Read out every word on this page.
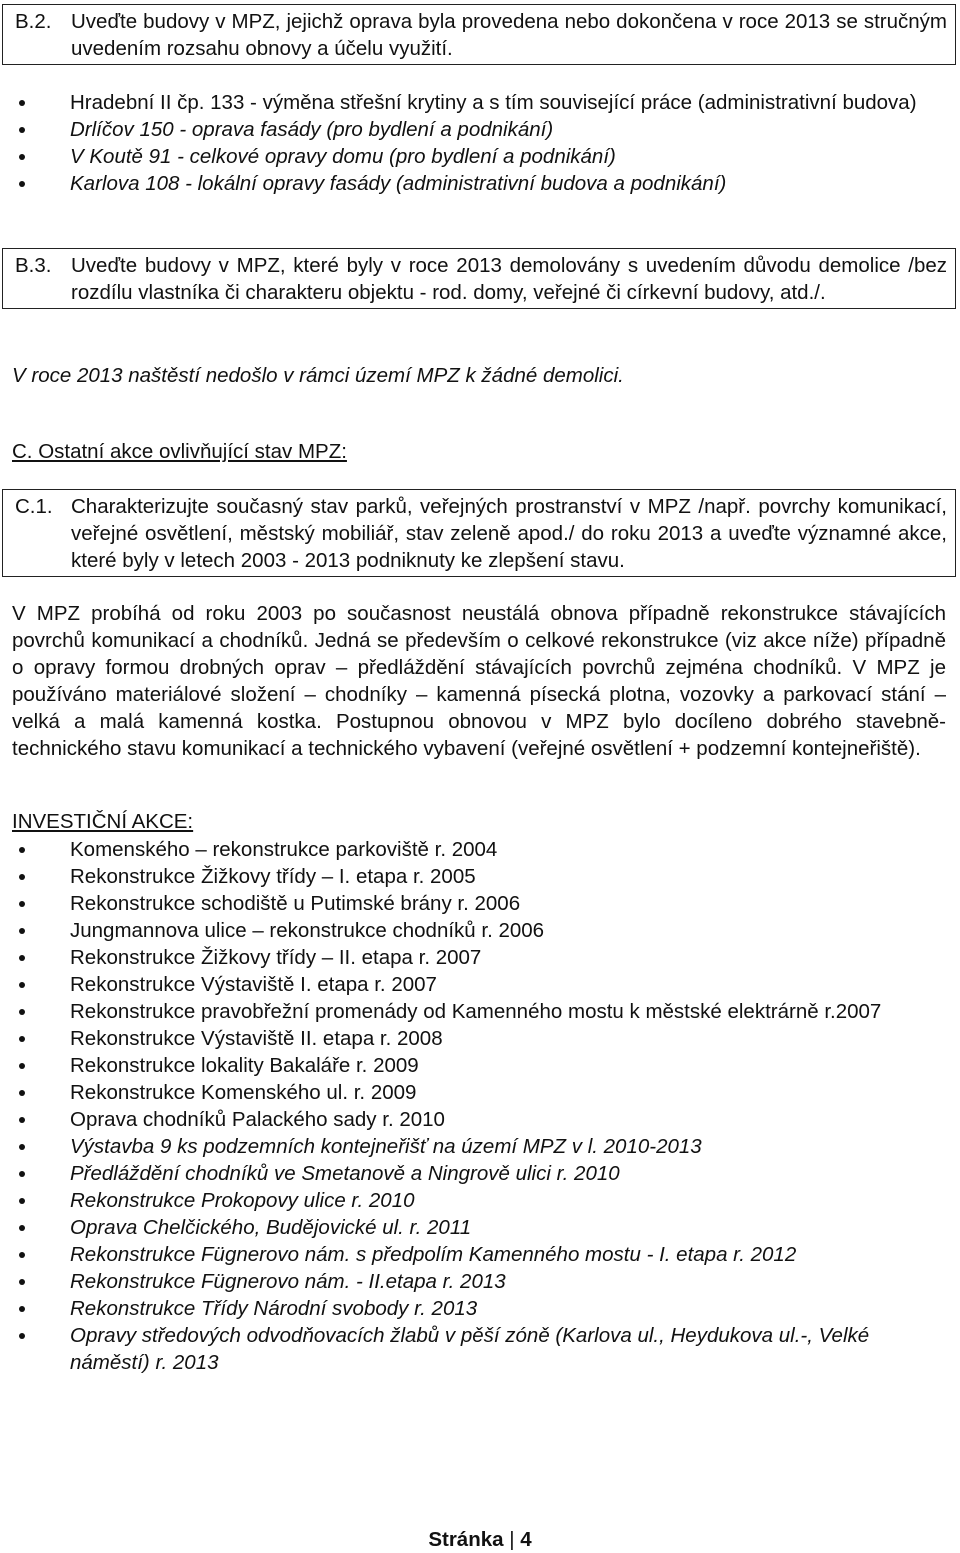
B.2. Uveďte budovy v MPZ, jejichž oprava byla provedena nebo dokončena v roce 2013 se stručným uvedením rozsahu obnovy a účelu využití.
Hradební II čp. 133 - výměna střešní krytiny a s tím související práce (administrativní budova)
Drlíčov 150 - oprava fasády (pro bydlení a podnikání)
V Koutě 91 - celkové opravy domu (pro bydlení a podnikání)
Karlova 108 - lokální opravy fasády (administrativní budova a podnikání)
B.3. Uveďte budovy v MPZ, které byly v roce 2013 demolovány s uvedením důvodu demolice /bez rozdílu vlastníka či charakteru objektu - rod. domy, veřejné či církevní budovy, atd./.
V roce 2013 naštěstí nedošlo v rámci území MPZ k žádné demolici.
C. Ostatní akce ovlivňující stav MPZ:
C.1. Charakterizujte současný stav parků, veřejných prostranství v MPZ /např. povrchy komunikací, veřejné osvětlení, městský mobiliář, stav zeleně apod./ do roku 2013 a uveďte významné akce, které byly v letech 2003 - 2013 podniknuty ke zlepšení stavu.
V MPZ probíhá od roku 2003 po současnost neustálá obnova případně rekonstrukce stávajících povrchů komunikací a chodníků. Jedná se především o celkové rekonstrukce (viz akce níže) případně o opravy formou drobných oprav – předláždění stávajících povrchů zejména chodníků. V MPZ je používáno materiálové složení – chodníky – kamenná písecká plotna, vozovky a parkovací stání – velká a malá kamenná kostka. Postupnou obnovou v MPZ bylo docíleno dobrého stavebně-technického stavu komunikací a technického vybavení (veřejné osvětlení + podzemní kontejneřiště).
INVESTIČNÍ AKCE:
Komenského – rekonstrukce parkoviště r. 2004
Rekonstrukce Žižkovy třídy – I. etapa r. 2005
Rekonstrukce schodiště u Putimské brány r. 2006
Jungmannova ulice – rekonstrukce chodníků r. 2006
Rekonstrukce Žižkovy třídy – II. etapa r. 2007
Rekonstrukce Výstaviště I. etapa r. 2007
Rekonstrukce pravobřežní promenády od Kamenného mostu k městské elektrárně r.2007
Rekonstrukce Výstaviště II. etapa r. 2008
Rekonstrukce lokality Bakaláře r. 2009
Rekonstrukce Komenského ul. r. 2009
Oprava chodníků Palackého sady r. 2010
Výstavba 9 ks podzemních kontejneřišť na území MPZ v l. 2010-2013
Předláždění chodníků ve Smetanově a Ningrově ulici r. 2010
Rekonstrukce Prokopovy ulice r. 2010
Oprava Chelčického, Budějovické ul. r. 2011
Rekonstrukce Fügnerovo nám. s předpolím Kamenného mostu - I. etapa r. 2012
Rekonstrukce Fügnerovo nám. - II.etapa r. 2013
Rekonstrukce Třídy Národní svobody r. 2013
Opravy středových odvodňovacích žlabů v pěší zóně (Karlova ul., Heydukova ul.-, Velké náměstí) r. 2013
Stránka | 4
